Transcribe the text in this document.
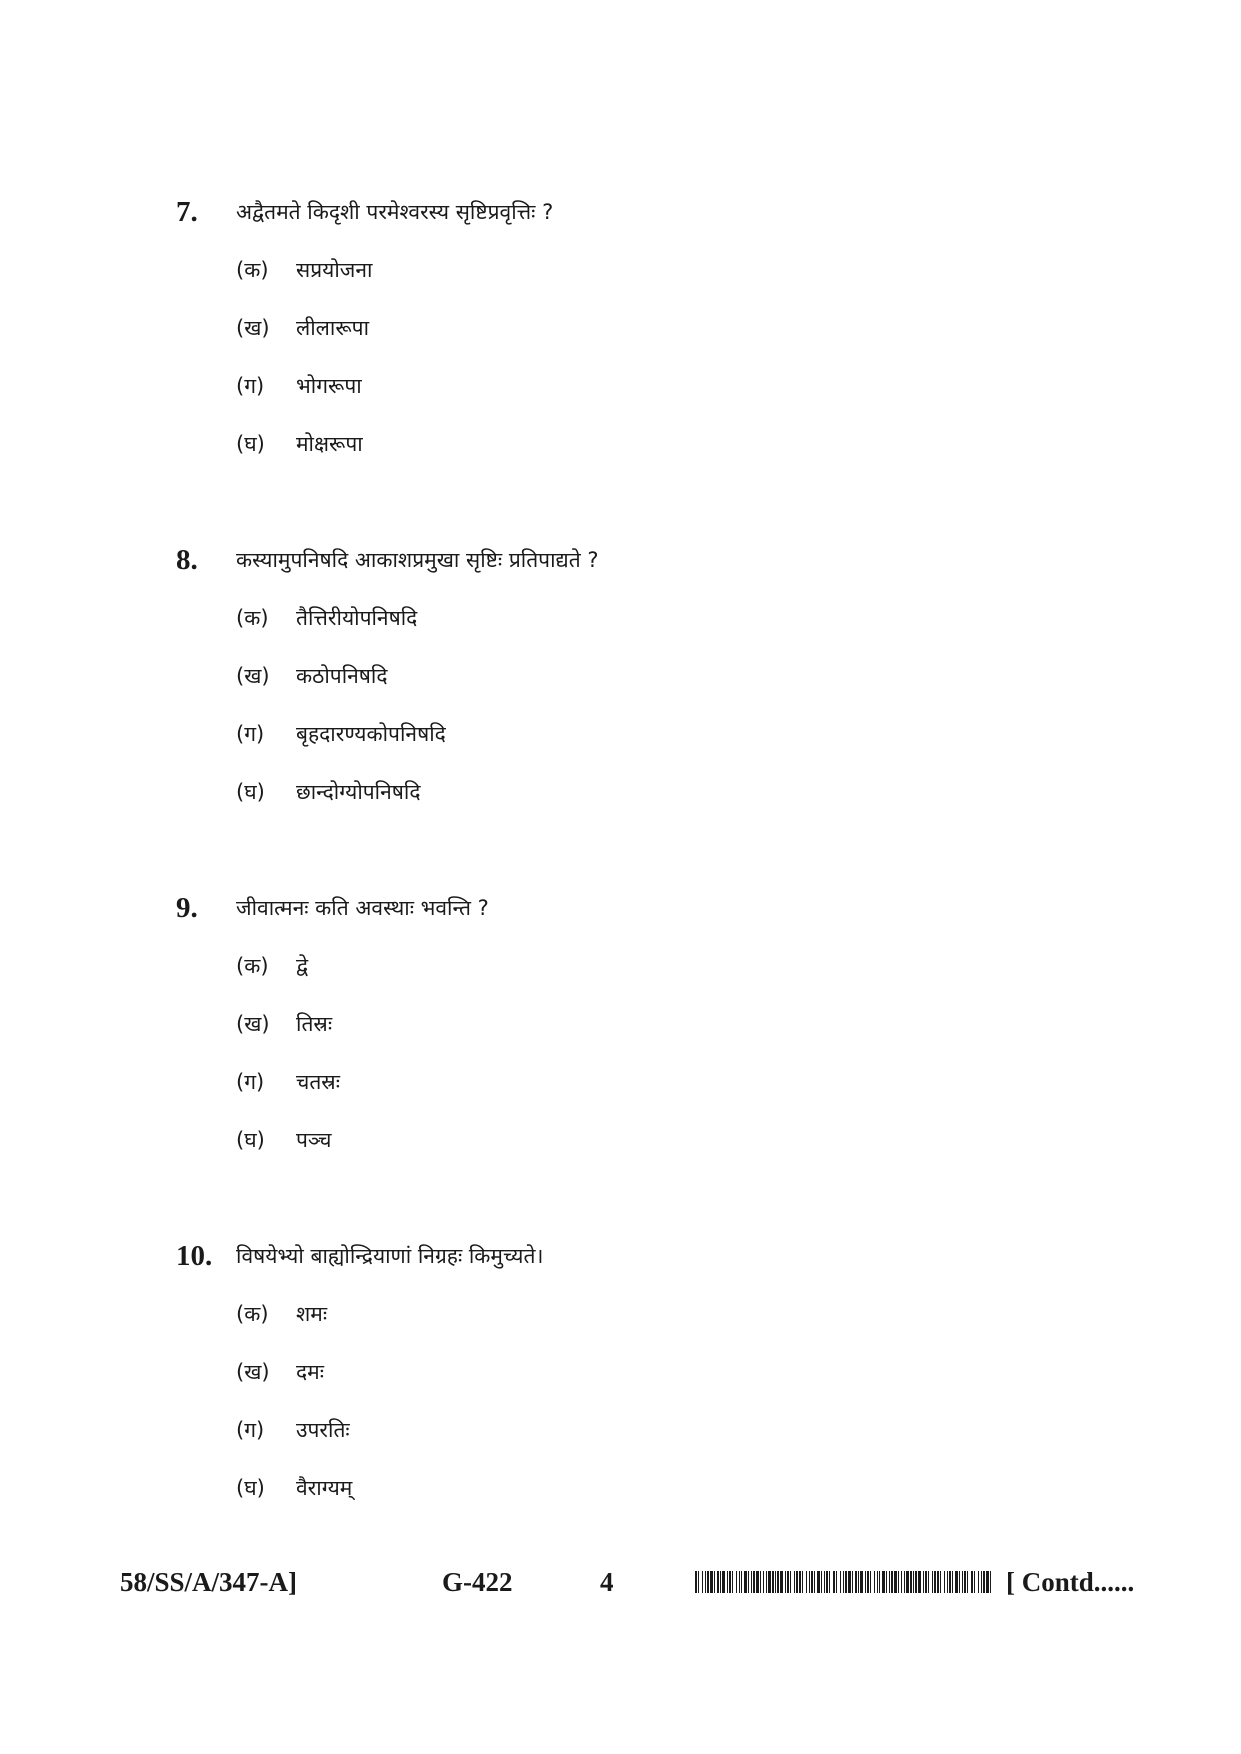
7. अद्वैतमते किदृशी परमेश्वरस्य सृष्टिप्रवृत्तिः ?
(क) सप्रयोजना
(ख) लीलारूपा
(ग) भोगरूपा
(घ) मोक्षरूपा
8. कस्यामुपनिषदि आकाशप्रमुखा सृष्टिः प्रतिपाद्यते ?
(क) तैत्तिरीयोपनिषदि
(ख) कठोपनिषदि
(ग) बृहदारण्यकोपनिषदि
(घ) छान्दोग्योपनिषदि
9. जीवात्मनः कति अवस्थाः भवन्ति ?
(क) द्वे
(ख) तिस्रः
(ग) चतस्रः
(घ) पञ्च
10. विषयेभ्यो बाह्योन्द्रियाणां निग्रहः किमुच्यते।
(क) शमः
(ख) दमः
(ग) उपरतिः
(घ) वैराग्यम्
58/SS/A/347-A]	G-422	4	[ Contd......
